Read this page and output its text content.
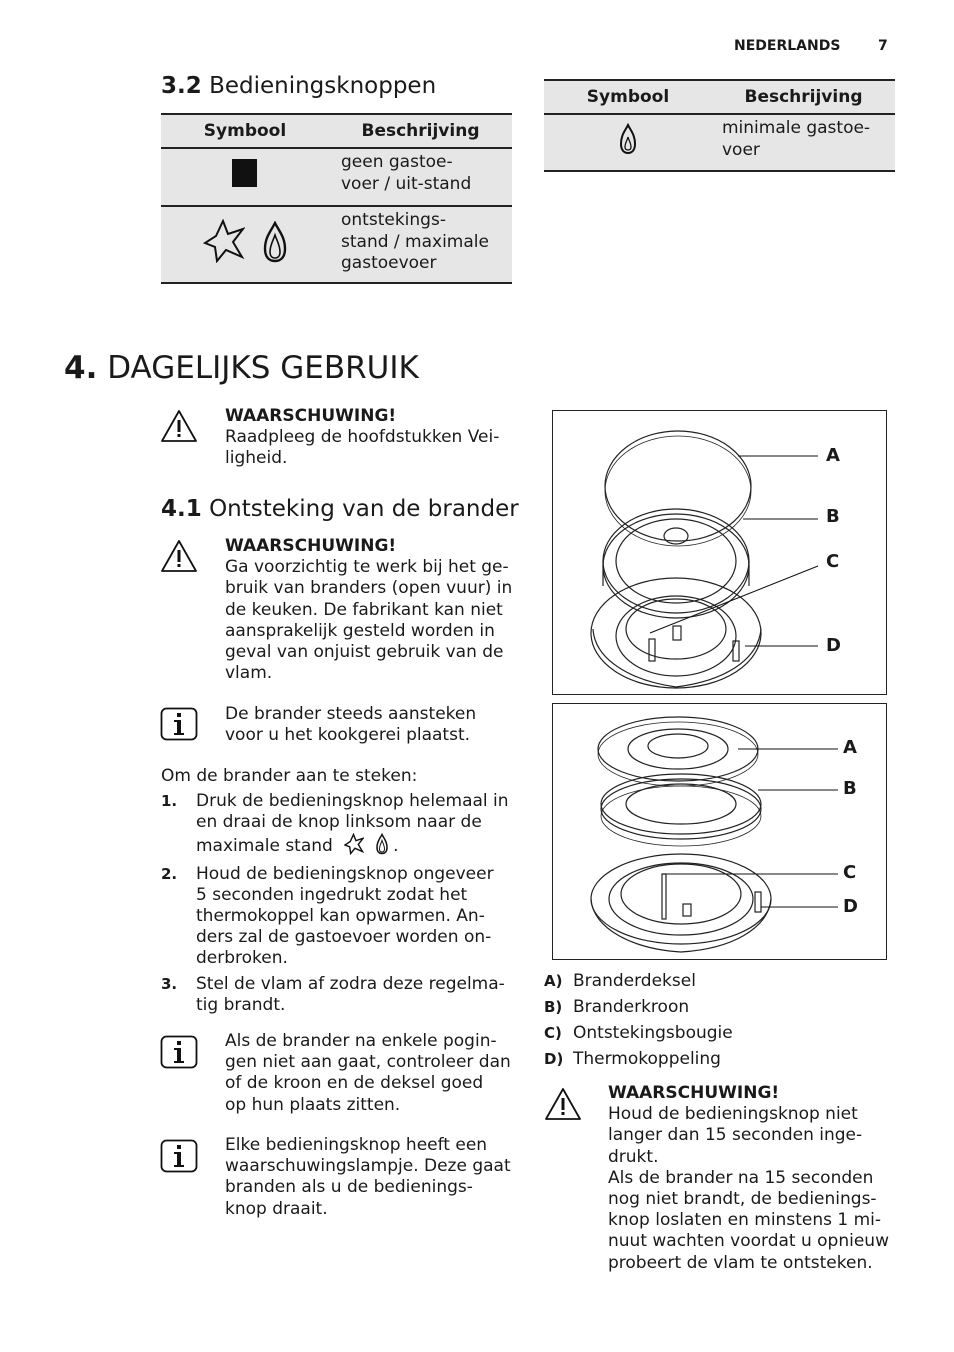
NEDERLANDS	7
3.2 Bedieningsknoppen
Symbool	Beschrijving
	geen gastoe-
voer / uit-stand
	ontstekings-
stand / maximale
gastoevoer
Symbool	Beschrijving
	minimale gastoe-
voer
4. DAGELIJKS GEBRUIK
WAARSCHUWING!
Raadpleeg de hoofdstukken Vei-
ligheid.
4.1 Ontsteking van de brander
WAARSCHUWING!
Ga voorzichtig te werk bij het ge-
bruik van branders (open vuur) in
de keuken. De fabrikant kan niet
aansprakelijk gesteld worden in
geval van onjuist gebruik van de
vlam.
De brander steeds aansteken
voor u het kookgerei plaatst.
Om de brander aan te steken:
1. Druk de bedieningsknop helemaal in
en draai de knop linksom naar de
maximale stand	.
2. Houd de bedieningsknop ongeveer
5 seconden ingedrukt zodat het
thermokoppel kan opwarmen. An-
ders zal de gastoevoer worden on-
derbroken.
3. Stel de vlam af zodra deze regelma-
tig brandt.
Als de brander na enkele pogin-
gen niet aan gaat, controleer dan
of de kroon en de deksel goed
op hun plaats zitten.
Elke bedieningsknop heeft een
waarschuwingslampje. Deze gaat
branden als u de bedienings-
knop draait.
A
B
C
D
A
B
C
D
A) Branderdeksel
B) Branderkroon
C) Ontstekingsbougie
D) Thermokoppeling
WAARSCHUWING!
Houd de bedieningsknop niet
langer dan 15 seconden inge-
drukt.
Als de brander na 15 seconden
nog niet brandt, de bedienings-
knop loslaten en minstens 1 mi-
nuut wachten voordat u opnieuw
probeert de vlam te ontsteken.
